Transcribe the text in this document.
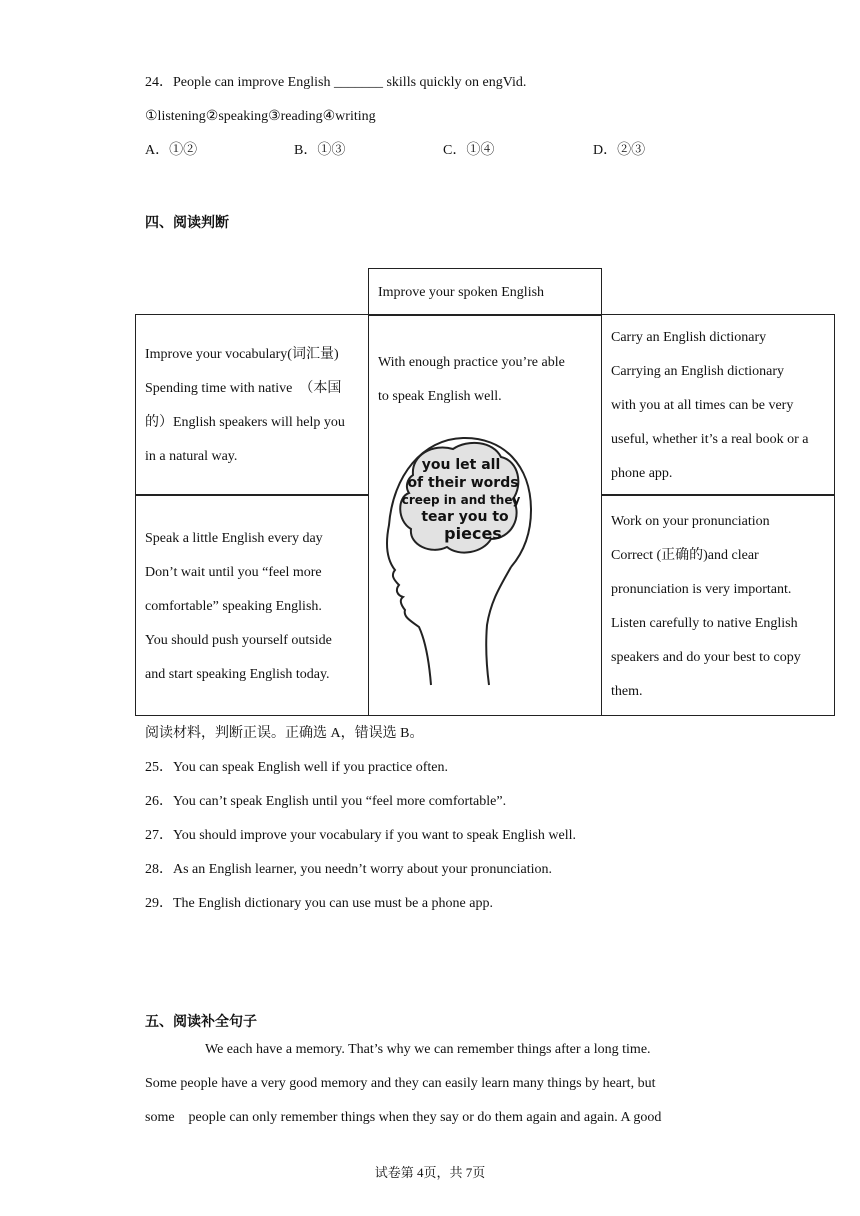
24．People can improve English _______ skills quickly on engVid.
①listening②speaking③reading④writing
A．①②	B．①③	C．①④	D．②③
四、阅读判断
Improve your spoken English
Improve your vocabulary(词汇量)
Spending time with native　（本国
的）English speakers will help you
in a natural way.
Speak a little English every day
Don’t wait until you “feel more
comfortable” speaking English.
You should push yourself outside
and start speaking English today.
With enough practice you’re able
to speak English well.
you let all
of their words
creep in and they
tear you to
pieces
Carry an English dictionary
Carrying an English dictionary
with you at all times can be very
useful, whether it’s a real book or a
phone app.
Work on your pronunciation
Correct (正确的)and clear
pronunciation is very important.
Listen carefully to native English
speakers and do your best to copy
them.
阅读材料，判断正误。正确选 A，错误选 B。
25．You can speak English well if you practice often.
26．You can’t speak English until you “feel more comfortable”.
27．You should improve your vocabulary if you want to speak English well.
28．As an English learner, you needn’t worry about your pronunciation.
29．The English dictionary you can use must be a phone app.
五、阅读补全句子
We each have a memory. That’s why we can remember things after a long time.
Some people have a very good memory and they can easily learn many things by heart, but
some　people can only remember things when they say or do them again and again. A good
试卷第 4页，共 7页
